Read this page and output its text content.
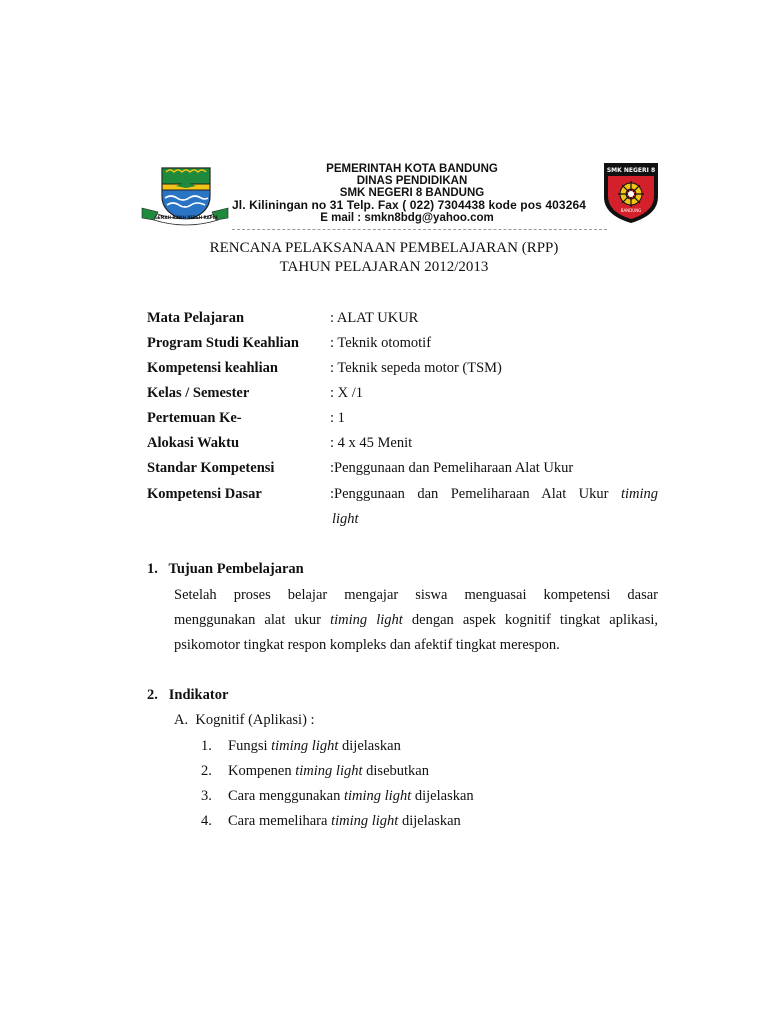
GEMAH RIPAH REPEH RAPIH
PEMERINTAH KOTA BANDUNG
DINAS PENDIDIKAN
SMK NEGERI 8 BANDUNG
Jl. Kiliningan no 31 Telp. Fax ( 022) 7304438 kode pos 403264
E mail : smkn8bdg@yahoo.com
SMK NEGERI 8
BANDUNG
RENCANA PELAKSANAAN PEMBELAJARAN (RPP)
TAHUN PELAJARAN 2012/2013
Mata Pelajaran	: ALAT UKUR
Program Studi Keahlian : Teknik otomotif
Kompetensi keahlian	: Teknik sepeda motor (TSM)
Kelas / Semester	: X /1
Pertemuan Ke-	: 1
Alokasi Waktu	: 4 x 45 Menit
Standar Kompetensi	:Penggunaan dan Pemeliharaan Alat Ukur
Kompetensi Dasar	:Penggunaan dan Pemeliharaan Alat Ukur timing
light
1.   Tujuan Pembelajaran
Setelah   proses   belajar   mengajar   siswa   menguasai   kompetensi   dasar
menggunakan alat ukur timing light dengan aspek kognitif tingkat aplikasi,
psikomotor tingkat respon kompleks dan afektif tingkat merespon.
2.   Indikator
A.  Kognitif (Aplikasi) :
1. Fungsi timing light dijelaskan
2. Kompenen timing light disebutkan
3. Cara menggunakan timing light dijelaskan
4. Cara memelihara timing light dijelaskan
